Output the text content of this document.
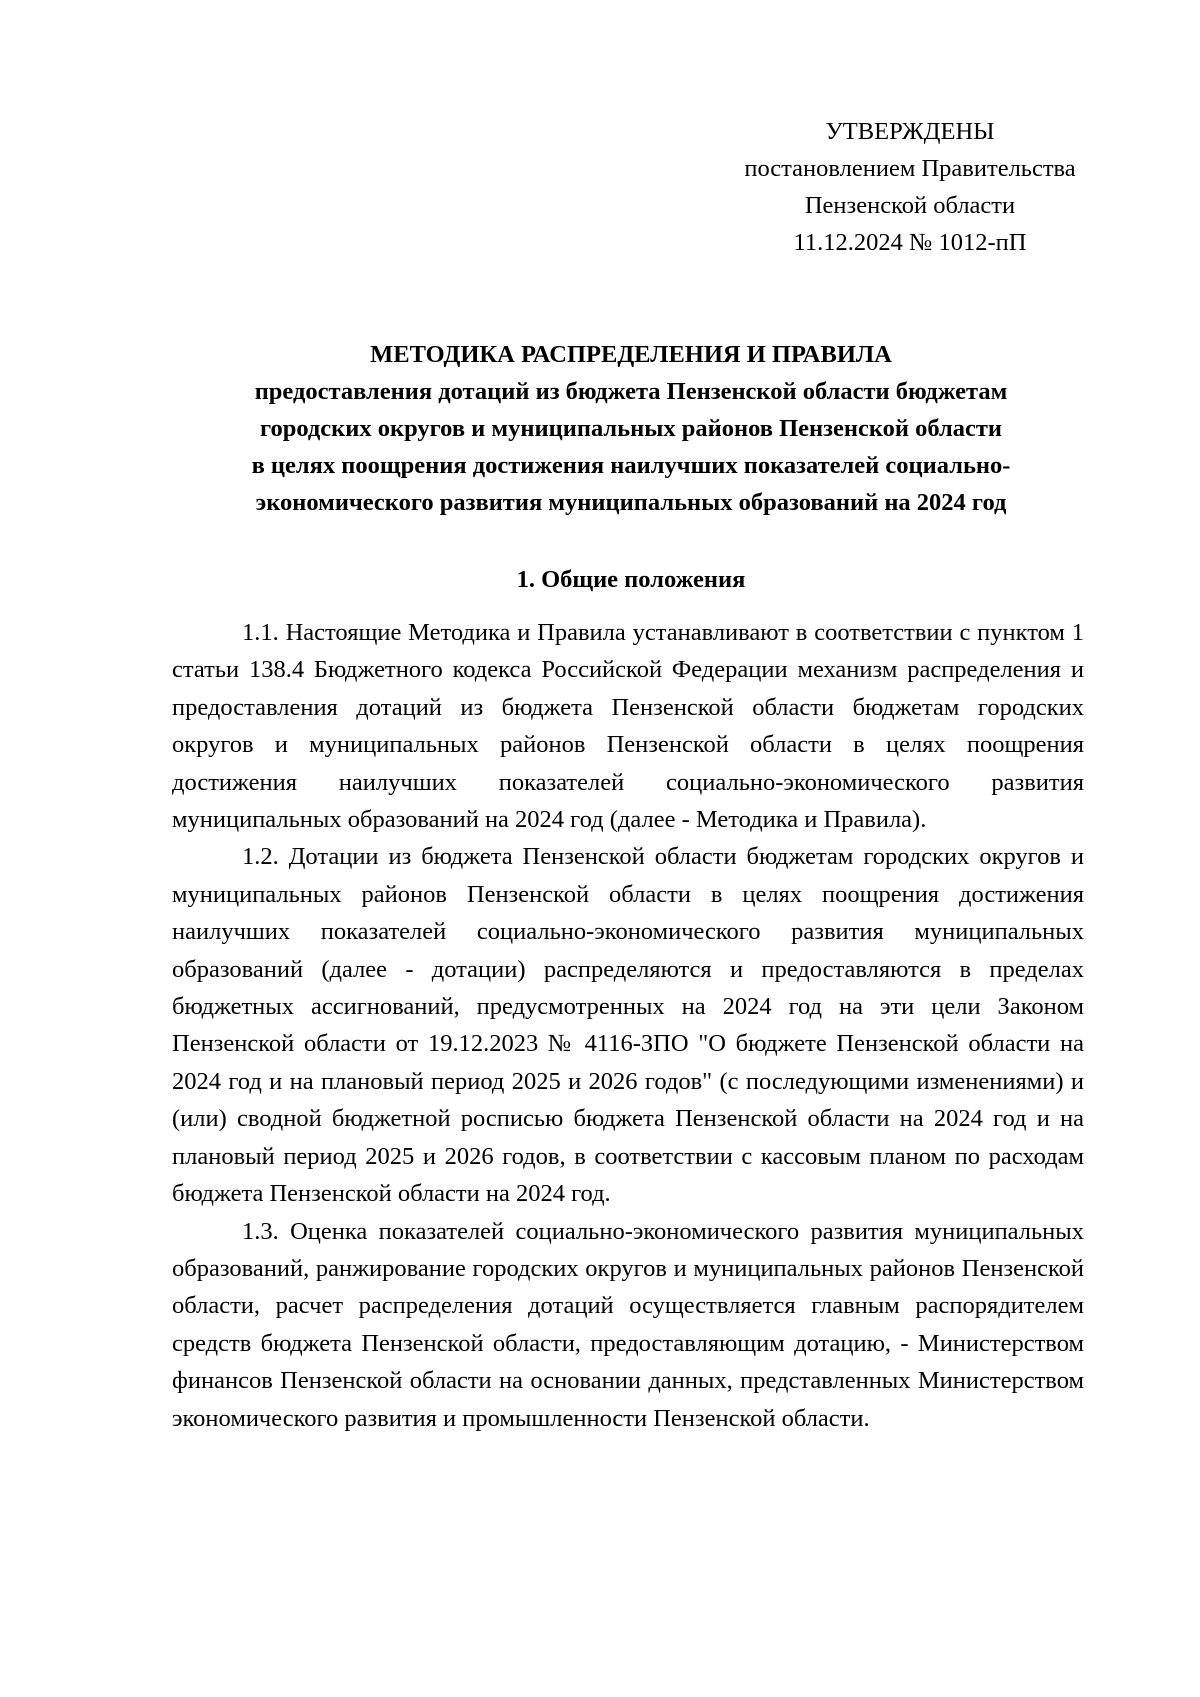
УТВЕРЖДЕНЫ
постановлением Правительства
Пензенской области
11.12.2024 № 1012-пП
МЕТОДИКА РАСПРЕДЕЛЕНИЯ И ПРАВИЛА
предоставления дотаций из бюджета Пензенской области бюджетам
городских округов и муниципальных районов Пензенской области
в целях поощрения достижения наилучших показателей социально-
экономического развития муниципальных образований на 2024 год
1. Общие положения

1.1. Настоящие Методика и Правила устанавливают в соответствии с пунктом 1 статьи 138.4 Бюджетного кодекса Российской Федерации механизм распределения и предоставления дотаций из бюджета Пензенской области бюджетам городских округов и муниципальных районов Пензенской области в целях поощрения достижения наилучших показателей социально-экономического развития муниципальных образований на 2024 год (далее - Методика и Правила).

1.2. Дотации из бюджета Пензенской области бюджетам городских округов и муниципальных районов Пензенской области в целях поощрения достижения наилучших показателей социально-экономического развития муниципальных образований (далее - дотации) распределяются и предоставляются в пределах бюджетных ассигнований, предусмотренных на 2024 год на эти цели Законом Пензенской области от 19.12.2023 № 4116-ЗПО "О бюджете Пензенской области на 2024 год и на плановый период 2025 и 2026 годов" (с последующими изменениями) и (или) сводной бюджетной росписью бюджета Пензенской области на 2024 год и на плановый период 2025 и 2026 годов, в соответствии с кассовым планом по расходам бюджета Пензенской области на 2024 год.

1.3. Оценка показателей социально-экономического развития муниципальных образований, ранжирование городских округов и муниципальных районов Пензенской области, расчет распределения дотаций осуществляется главным распорядителем средств бюджета Пензенской области, предоставляющим дотацию, - Министерством финансов Пензенской области на основании данных, представленных Министерством экономического развития и промышленности Пензенской области.
